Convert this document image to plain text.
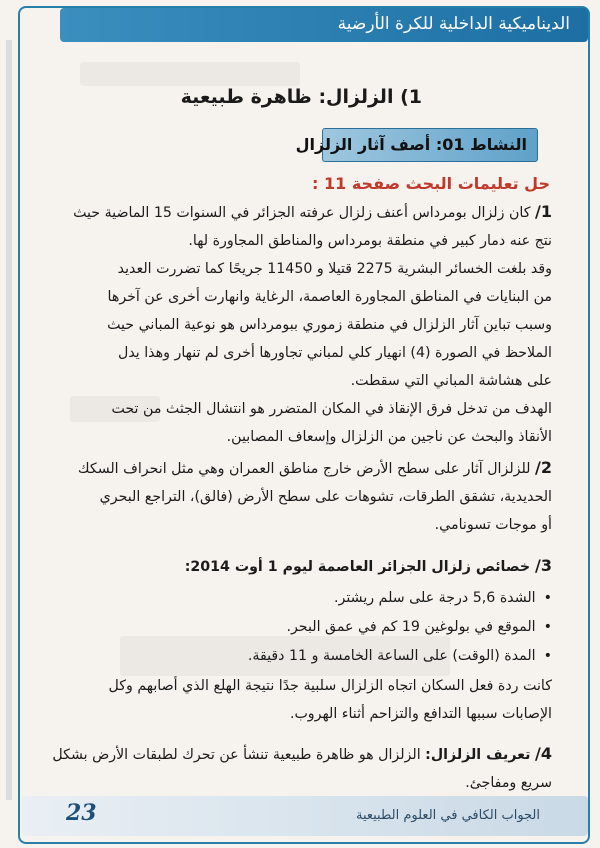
الديناميكية الداخلية للكرة الأرضية
1) الزلزال: ظاهرة طبيعية
النشاط 01: أصف آثار الزلزال
حل تعليمات البحث صفحة 11 :
1/ كان زلزال بومرداس أعنف زلزال عرفته الجزائر في السنوات 15 الماضية حيث
نتج عنه دمار كبير في منطقة بومرداس والمناطق المجاورة لها.
وقد بلغت الخسائر البشرية 2275 قتيلا و 11450 جريحًا كما تضررت العديد
من البنايات في المناطق المجاورة العاصمة، الرغاية وانهارت أخرى عن آخرها
وسبب تباين آثار الزلزال في منطقة زموري ببومرداس هو نوعية المباني حيث
الملاحظ في الصورة (4) انهيار كلي لمباني تجاورها أخرى لم تنهار وهذا يدل
على هشاشة المباني التي سقطت.
الهدف من تدخل فرق الإنقاذ في المكان المتضرر هو انتشال الجثث من تحت
الأنقاذ والبحث عن ناجين من الزلزال وإسعاف المصابين.
2/ للزلزال آثار على سطح الأرض خارج مناطق العمران وهي مثل انحراف السكك
الحديدية، تشقق الطرقات، تشوهات على سطح الأرض (فالق)، التراجع البحري
أو موجات تسونامي.
3/ خصائص زلزال الجزائر العاصمة ليوم 1 أوت 2014:
• الشدة 5,6 درجة على سلم ريشتر.
• الموقع في بولوغين 19 كم في عمق البحر.
• المدة (الوقت) على الساعة الخامسة و 11 دقيقة.
كانت ردة فعل السكان اتجاه الزلزال سلبية جدًا نتيجة الهلع الذي أصابهم وكل
الإصابات سببها التدافع والتزاحم أثناء الهروب.
4/ تعريف الزلزال: الزلزال هو ظاهرة طبيعية تنشأ عن تحرك لطبقات الأرض بشكل
سريع ومفاجئ.
23	الجواب الكافي في العلوم الطبيعية
